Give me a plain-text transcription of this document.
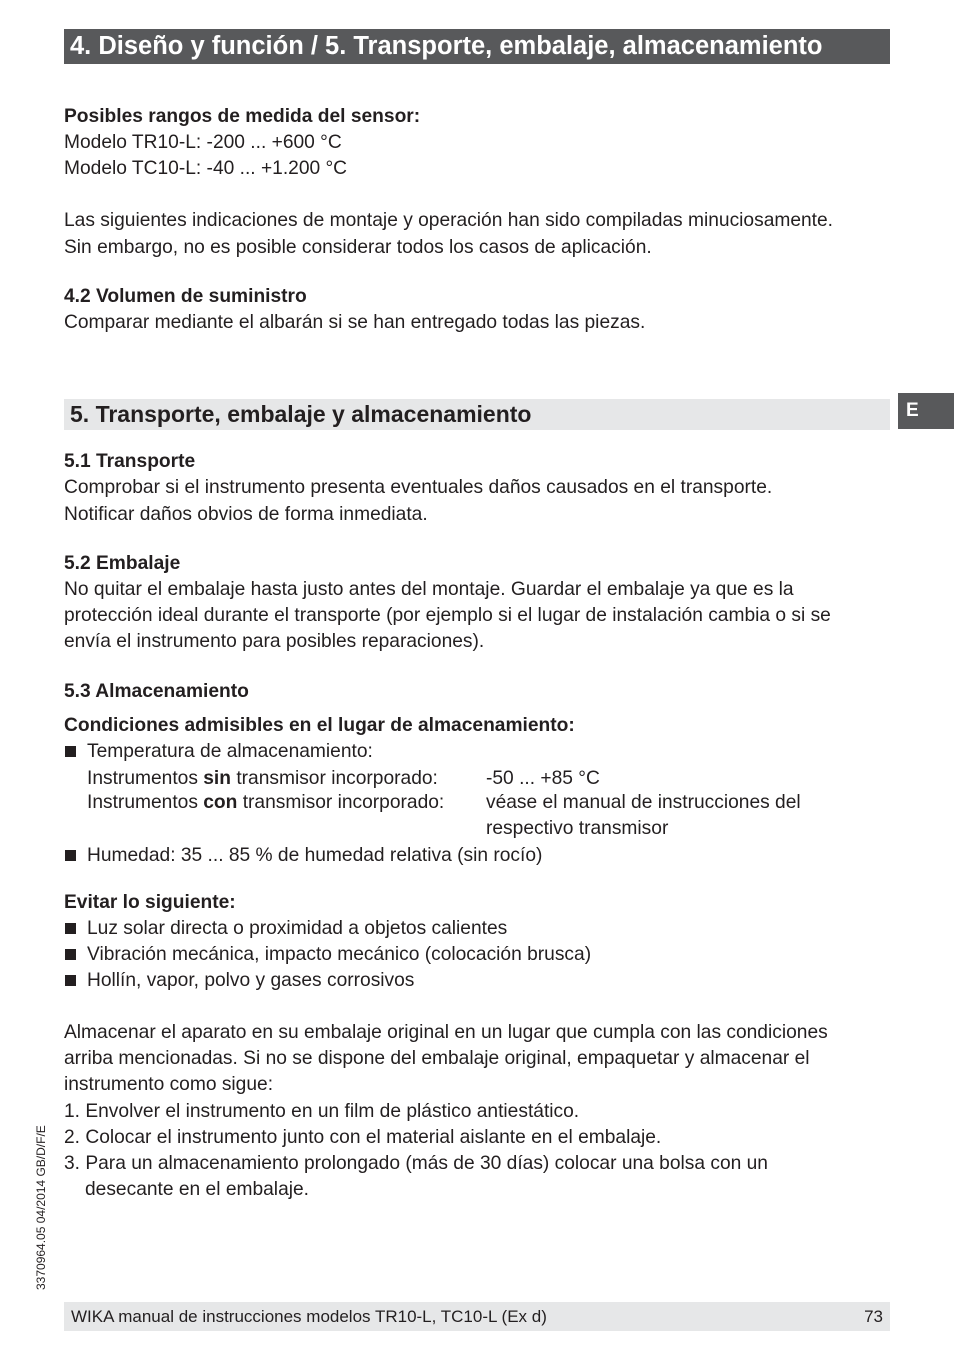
4. Diseño y función / 5. Transporte, embalaje, almacenamiento
Posibles rangos de medida del sensor:
Modelo TR10-L: -200 ... +600 °C
Modelo TC10-L: -40 ... +1.200 °C
Las siguientes indicaciones de montaje y operación han sido compiladas minuciosamente.
Sin embargo, no es posible considerar todos los casos de aplicación.
4.2 Volumen de suministro
Comparar mediante el albarán si se han entregado todas las piezas.
5. Transporte, embalaje y almacenamiento	E
5.1 Transporte
Comprobar si el instrumento presenta eventuales daños causados en el transporte.
Notificar daños obvios de forma inmediata.
5.2 Embalaje
No quitar el embalaje hasta justo antes del montaje. Guardar el embalaje ya que es la
protección ideal durante el transporte (por ejemplo si el lugar de instalación cambia o si se
envía el instrumento para posibles reparaciones).
5.3 Almacenamiento
Condiciones admisibles en el lugar de almacenamiento:
Temperatura de almacenamiento:
Instrumentos sin transmisor incorporado:	-50 ... +85 °C
Instrumentos con transmisor incorporado: véase el manual de instrucciones del
respectivo transmisor
Humedad: 35 ... 85 % de humedad relativa (sin rocío)
Evitar lo siguiente:
Luz solar directa o proximidad a objetos calientes
Vibración mecánica, impacto mecánico (colocación brusca)
Hollín, vapor, polvo y gases corrosivos
Almacenar el aparato en su embalaje original en un lugar que cumpla con las condiciones
arriba mencionadas. Si no se dispone del embalaje original, empaquetar y almacenar el
instrumento como sigue:
1. Envolver el instrumento en un film de plástico antiestático.
2. Colocar el instrumento junto con el material aislante en el embalaje.
3. Para un almacenamiento prolongado (más de 30 días) colocar una bolsa con un
desecante en el embalaje.
3370964.05 04/2014 GB/D/F/E
WIKA manual de instrucciones modelos TR10-L, TC10-L (Ex d)	73
